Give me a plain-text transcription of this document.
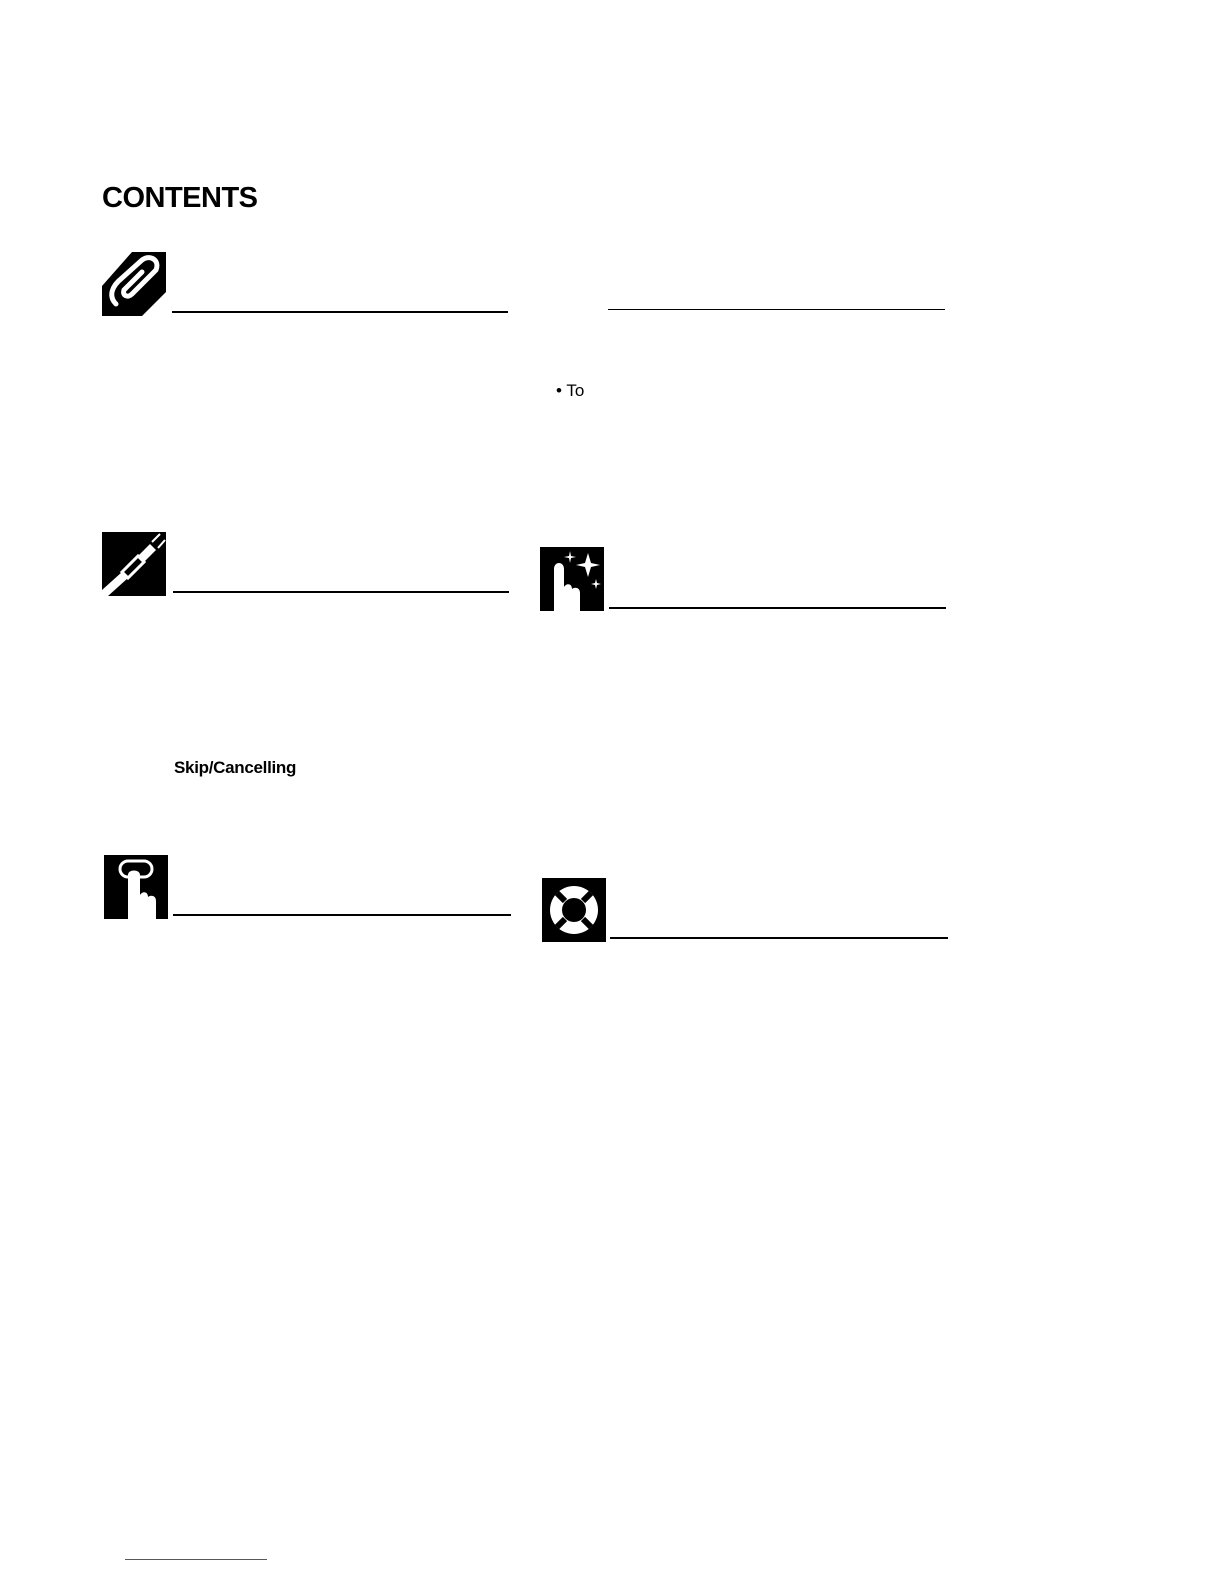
CONTENTS
• To
Skip/Cancelling
